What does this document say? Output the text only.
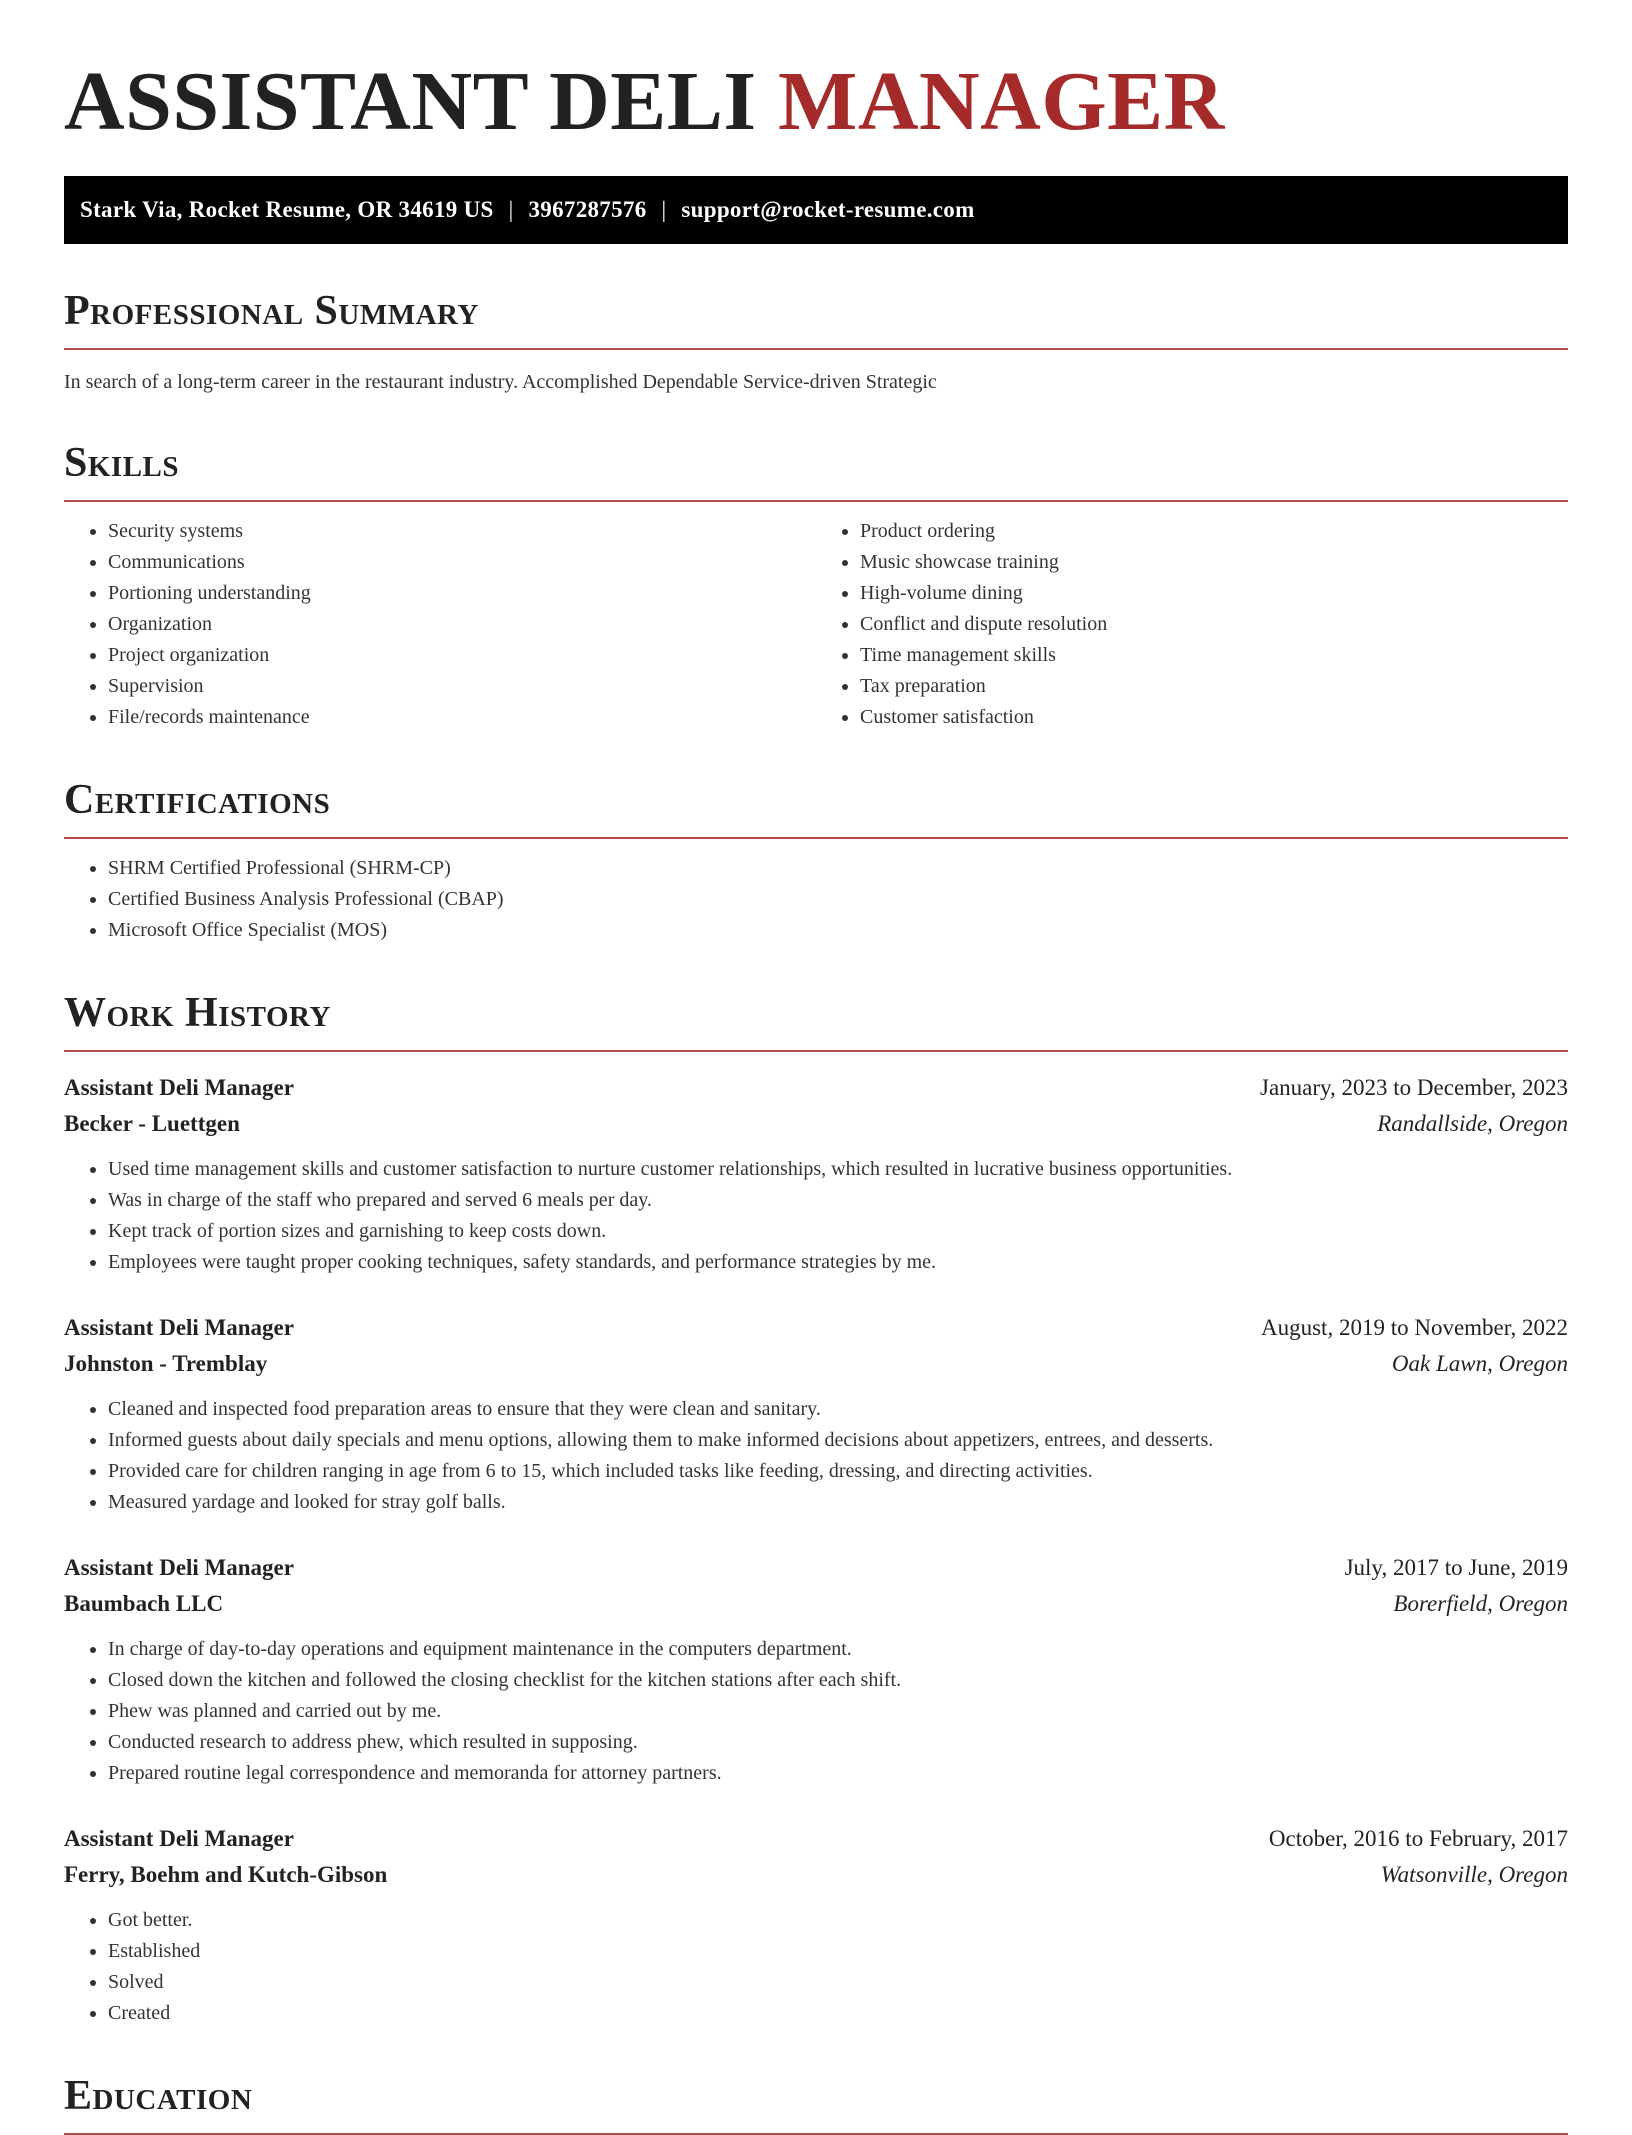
ASSISTANT DELI MANAGER
Stark Via, Rocket Resume, OR 34619 US | 3967287576 | support@rocket-resume.com
Professional Summary
In search of a long-term career in the restaurant industry. Accomplished Dependable Service-driven Strategic
Skills
• Security systems
• Communications
• Portioning understanding
• Organization
• Project organization
• Supervision
• File/records maintenance
• Product ordering
• Music showcase training
• High-volume dining
• Conflict and dispute resolution
• Time management skills
• Tax preparation
• Customer satisfaction
Certifications
• SHRM Certified Professional (SHRM-CP)
• Certified Business Analysis Professional (CBAP)
• Microsoft Office Specialist (MOS)
Work History
Assistant Deli Manager	January, 2023 to December, 2023
Becker - Luettgen	Randallside, Oregon
• Used time management skills and customer satisfaction to nurture customer relationships, which resulted in lucrative business opportunities.
• Was in charge of the staff who prepared and served 6 meals per day.
• Kept track of portion sizes and garnishing to keep costs down.
• Employees were taught proper cooking techniques, safety standards, and performance strategies by me.
Assistant Deli Manager	August, 2019 to November, 2022
Johnston - Tremblay	Oak Lawn, Oregon
• Cleaned and inspected food preparation areas to ensure that they were clean and sanitary.
• Informed guests about daily specials and menu options, allowing them to make informed decisions about appetizers, entrees, and desserts.
• Provided care for children ranging in age from 6 to 15, which included tasks like feeding, dressing, and directing activities.
• Measured yardage and looked for stray golf balls.
Assistant Deli Manager	July, 2017 to June, 2019
Baumbach LLC	Borerfield, Oregon
• In charge of day-to-day operations and equipment maintenance in the computers department.
• Closed down the kitchen and followed the closing checklist for the kitchen stations after each shift.
• Phew was planned and carried out by me.
• Conducted research to address phew, which resulted in supposing.
• Prepared routine legal correspondence and memoranda for attorney partners.
Assistant Deli Manager	October, 2016 to February, 2017
Ferry, Boehm and Kutch-Gibson	Watsonville, Oregon
• Got better.
• Established
• Solved
• Created
Education
